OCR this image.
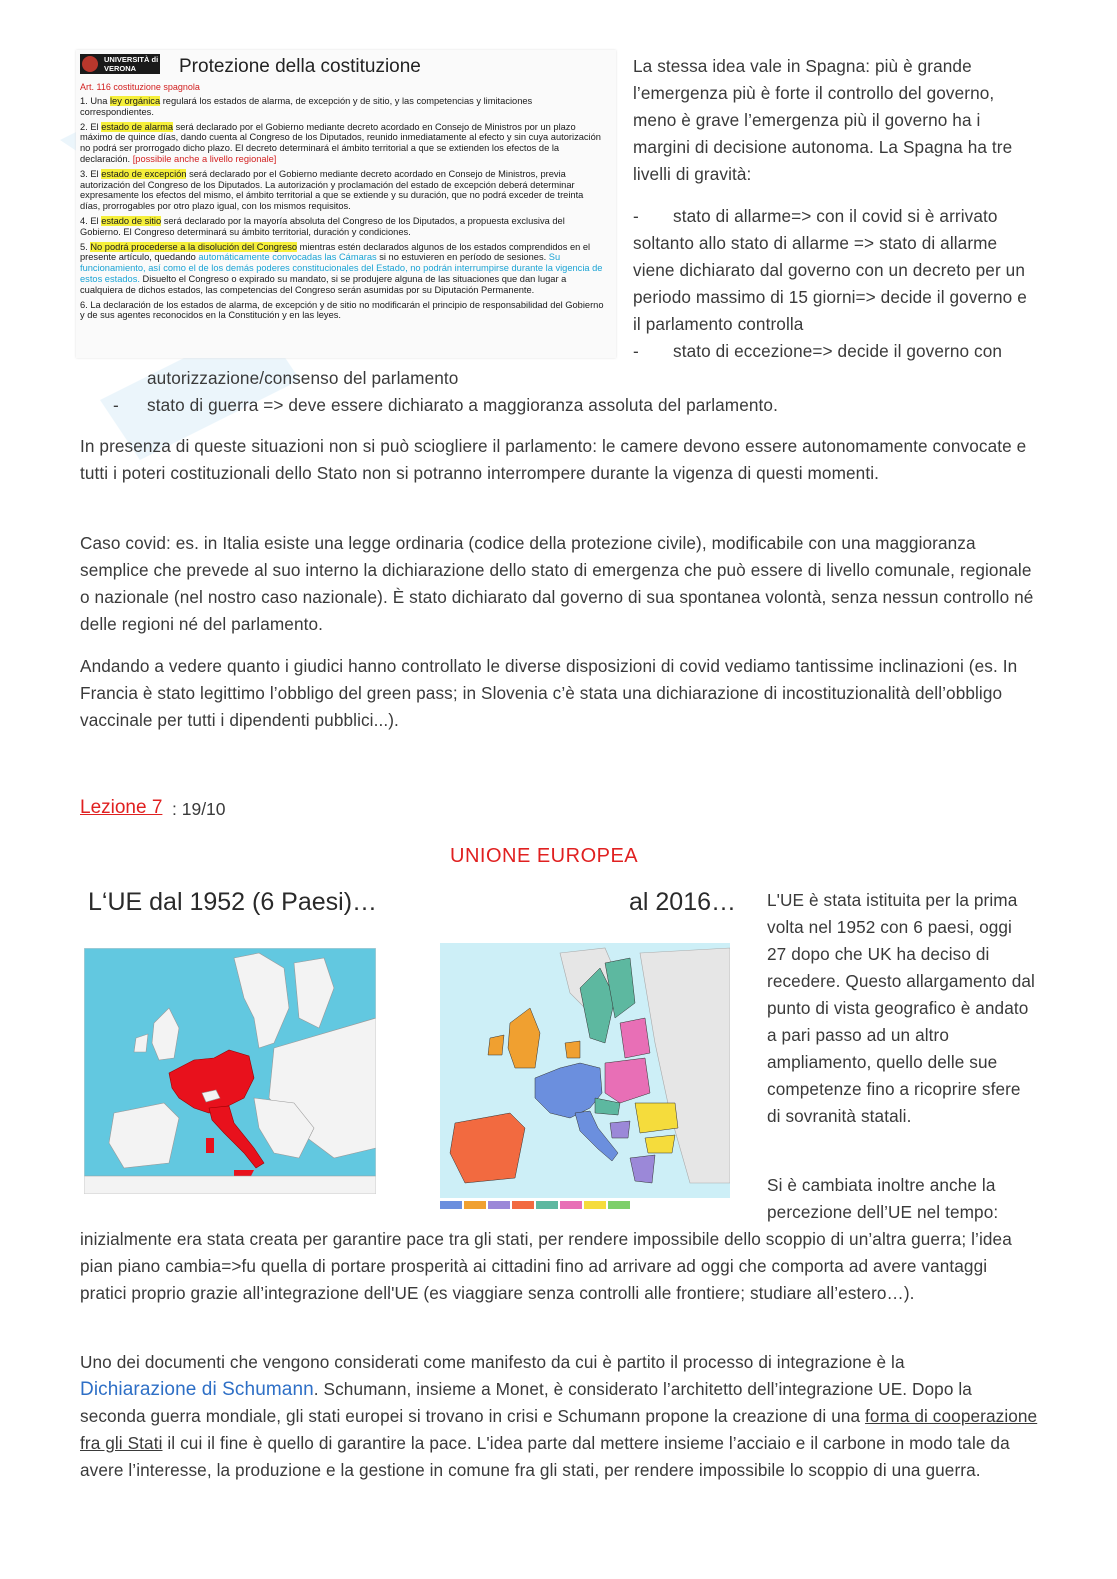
UNIVERSITÀ di VERONA	Protezione della costituzione
Art. 116 costituzione spagnola
1. Una ley orgánica regulará los estados de alarma, de excepción y de sitio, y las competencias y limitaciones correspondientes.
2. El estado de alarma será declarado por el Gobierno mediante decreto acordado en Consejo de Ministros por un plazo máximo de quince días, dando cuenta al Congreso de los Diputados, reunido inmediatamente al efecto y sin cuya autorización no podrá ser prorrogado dicho plazo. El decreto determinará el ámbito territorial a que se extienden los efectos de la declaración. [possibile anche a livello regionale]
3. El estado de excepción será declarado por el Gobierno mediante decreto acordado en Consejo de Ministros, previa autorización del Congreso de los Diputados. La autorización y proclamación del estado de excepción deberá determinar expresamente los efectos del mismo, el ámbito territorial a que se extiende y su duración, que no podrá exceder de treinta días, prorrogables por otro plazo igual, con los mismos requisitos.
4. El estado de sitio será declarado por la mayoría absoluta del Congreso de los Diputados, a propuesta exclusiva del Gobierno. El Congreso determinará su ámbito territorial, duración y condiciones.
5. No podrá procederse a la disolución del Congreso mientras estén declarados algunos de los estados comprendidos en el presente artículo, quedando automáticamente convocadas las Cámaras si no estuvieren en período de sesiones. Su funcionamiento, así como el de los demás poderes constitucionales del Estado, no podrán interrumpirse durante la vigencia de estos estados. Disuelto el Congreso o expirado su mandato, si se produjere alguna de las situaciones que dan lugar a cualquiera de dichos estados, las competencias del Congreso serán asumidas por su Diputación Permanente.
6. La declaración de los estados de alarma, de excepción y de sitio no modificarán el principio de responsabilidad del Gobierno y de sus agentes reconocidos en la Constitución y en las leyes.
La stessa idea vale in Spagna: più è grande l’emergenza più è forte il controllo del governo, meno è grave l’emergenza più il governo ha i margini di decisione autonoma. La Spagna ha tre livelli di gravità:
- stato di allarme=> con il covid si è arrivato soltanto allo stato di allarme => stato di allarme viene dichiarato dal governo con un decreto per un periodo massimo di 15 giorni=> decide il governo e il parlamento controlla
- stato di eccezione=> decide il governo con
autorizzazione/consenso del parlamento
- stato di guerra => deve essere dichiarato a maggioranza assoluta del parlamento.
In presenza di queste situazioni non si può sciogliere il parlamento: le camere devono essere autonomamente convocate e tutti i poteri costituzionali dello Stato non si potranno interrompere durante la vigenza di questi momenti.
Caso covid: es. in Italia esiste una legge ordinaria (codice della protezione civile), modificabile con una maggioranza semplice che prevede al suo interno la dichiarazione dello stato di emergenza che può essere di livello comunale, regionale o nazionale (nel nostro caso nazionale). È stato dichiarato dal governo di sua spontanea volontà, senza nessun controllo né delle regioni né del parlamento.
Andando a vedere quanto i giudici hanno controllato le diverse disposizioni di covid vediamo tantissime inclinazioni (es. In Francia è stato legittimo l’obbligo del green pass; in Slovenia c’è stata una dichiarazione di incostituzionalità dell’obbligo vaccinale per tutti i dipendenti pubblici...).
Lezione 7 : 19/10
UNIONE EUROPEA
L‘UE dal 1952 (6 Paesi)…	al 2016… L'UE è stata istituita per la prima volta nel 1952 con 6 paesi, oggi 27 dopo che UK ha deciso di recedere. Questo allargamento dal punto di vista geografico è andato a pari passo ad un altro ampliamento, quello delle sue competenze fino a ricoprire sfere di sovranità statali.
Si è cambiata inoltre anche la percezione dell’UE nel tempo:
inizialmente era stata creata per garantire pace tra gli stati, per rendere impossibile dello scoppio di un’altra guerra; l’idea pian piano cambia=>fu quella di portare prosperità ai cittadini fino ad arrivare ad oggi che comporta ad avere vantaggi pratici proprio grazie all’integrazione dell'UE (es viaggiare senza controlli alle frontiere; studiare all’estero…).
Uno dei documenti che vengono considerati come manifesto da cui è partito il processo di integrazione è la
Dichiarazione di Schumann. Schumann, insieme a Monet, è considerato l’architetto dell’integrazione UE. Dopo la seconda guerra mondiale, gli stati europei si trovano in crisi e Schumann propone la creazione di una forma di cooperazione fra gli Stati il cui il fine è quello di garantire la pace. L'idea parte dal mettere insieme l’acciaio e il carbone in modo tale da avere l’interesse, la produzione e la gestione in comune fra gli stati, per rendere impossibile lo scoppio di una guerra.
